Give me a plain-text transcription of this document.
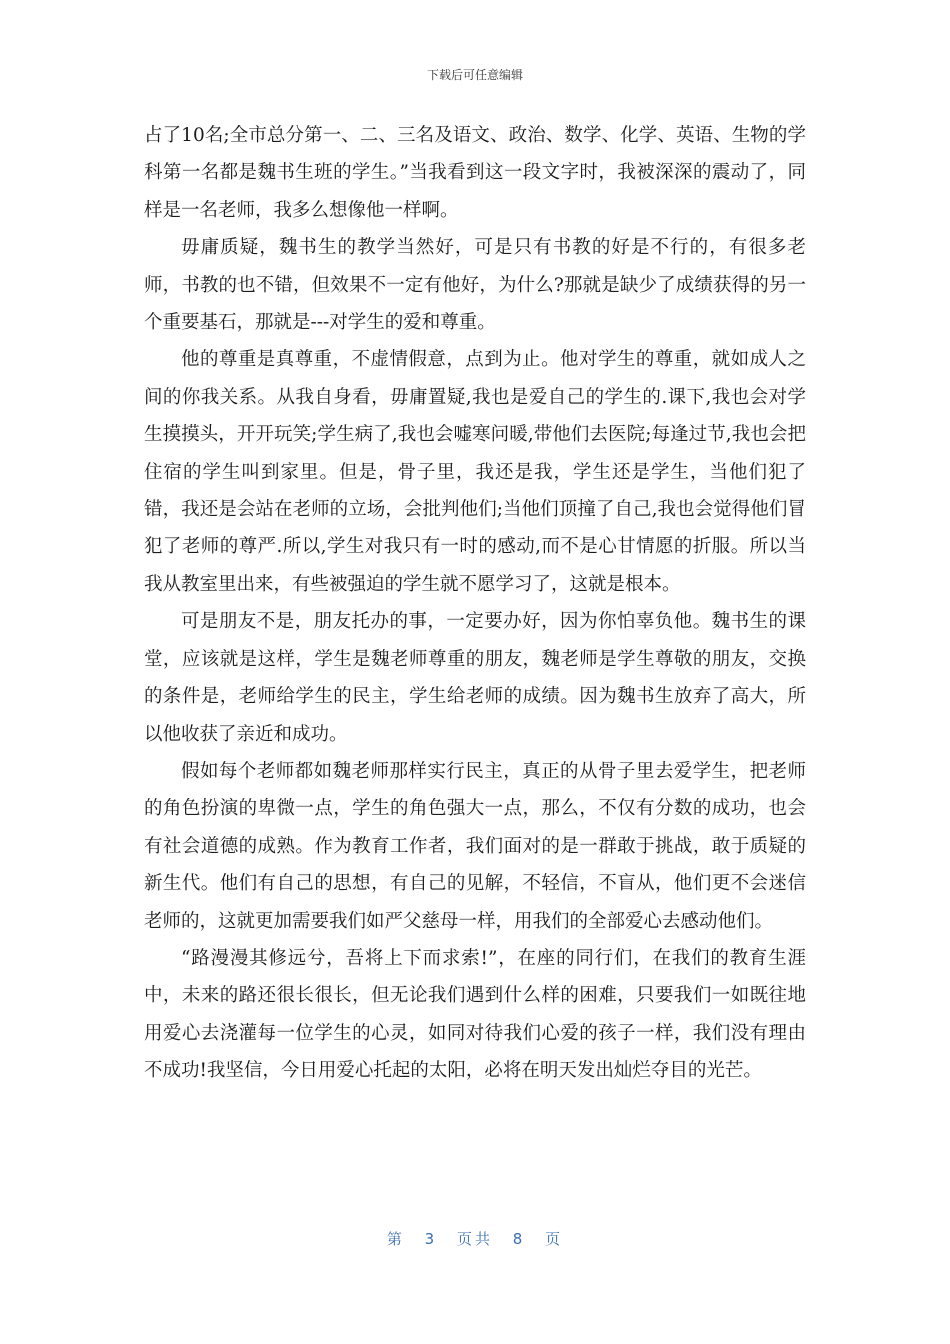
下载后可任意编辑

占了10名;全市总分第一、二、三名及语文、政治、数学、化学、英语、生物的学科第一名都是魏书生班的学生。”当我看到这一段文字时，我被深深的震动了，同样是一名老师，我多么想像他一样啊。

毋庸质疑，魏书生的教学当然好，可是只有书教的好是不行的，有很多老师，书教的也不错，但效果不一定有他好，为什么?那就是缺少了成绩获得的另一个重要基石，那就是---对学生的爱和尊重。

他的尊重是真尊重，不虚情假意，点到为止。他对学生的尊重，就如成人之间的你我关系。从我自身看，毋庸置疑,我也是爱自己的学生的.课下,我也会对学生摸摸头，开开玩笑;学生病了,我也会嘘寒问暖,带他们去医院;每逢过节,我也会把住宿的学生叫到家里。但是，骨子里，我还是我，学生还是学生，当他们犯了错，我还是会站在老师的立场，会批判他们;当他们顶撞了自己,我也会觉得他们冒犯了老师的尊严.所以,学生对我只有一时的感动,而不是心甘情愿的折服。所以当我从教室里出来，有些被强迫的学生就不愿学习了，这就是根本。

可是朋友不是，朋友托办的事，一定要办好，因为你怕辜负他。魏书生的课堂，应该就是这样，学生是魏老师尊重的朋友，魏老师是学生尊敬的朋友，交换的条件是，老师给学生的民主，学生给老师的成绩。因为魏书生放弃了高大，所以他收获了亲近和成功。

假如每个老师都如魏老师那样实行民主，真正的从骨子里去爱学生，把老师的角色扮演的卑微一点，学生的角色强大一点，那么，不仅有分数的成功，也会有社会道德的成熟。作为教育工作者，我们面对的是一群敢于挑战，敢于质疑的新生代。他们有自己的思想，有自己的见解，不轻信，不盲从，他们更不会迷信老师的，这就更加需要我们如严父慈母一样，用我们的全部爱心去感动他们。

“路漫漫其修远兮，吾将上下而求索!”，在座的同行们，在我们的教育生涯中，未来的路还很长很长，但无论我们遇到什么样的困难，只要我们一如既往地用爱心去浇灌每一位学生的心灵，如同对待我们心爱的孩子一样，我们没有理由不成功!我坚信，今日用爱心托起的太阳，必将在明天发出灿烂夺目的光芒。

第 3 页共 8 页
